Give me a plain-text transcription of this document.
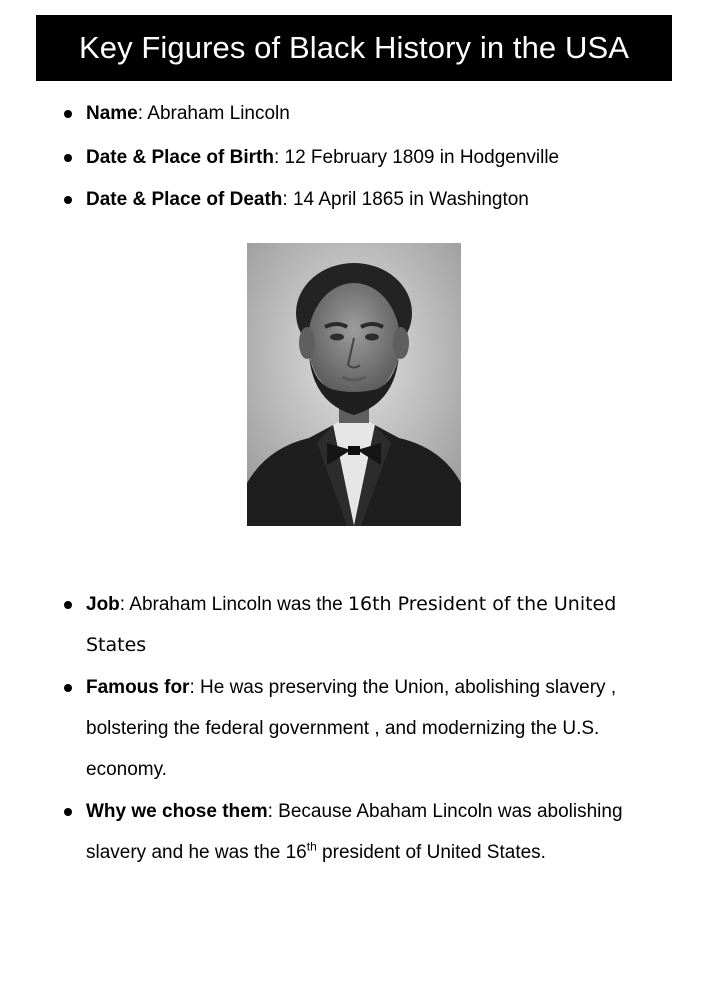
Key Figures of Black History in the USA
Name: Abraham Lincoln
Date & Place of Birth: 12 February 1809 in Hodgenville
Date & Place of Death: 14 April 1865 in Washington
Job: Abraham Lincoln was the 16th President of the United States
Famous for: He was preserving the Union, abolishing slavery , bolstering the federal government , and modernizing the U.S. economy.
Why we chose them: Because Abaham Lincoln was abolishing slavery and he was the 16th president of United States.
